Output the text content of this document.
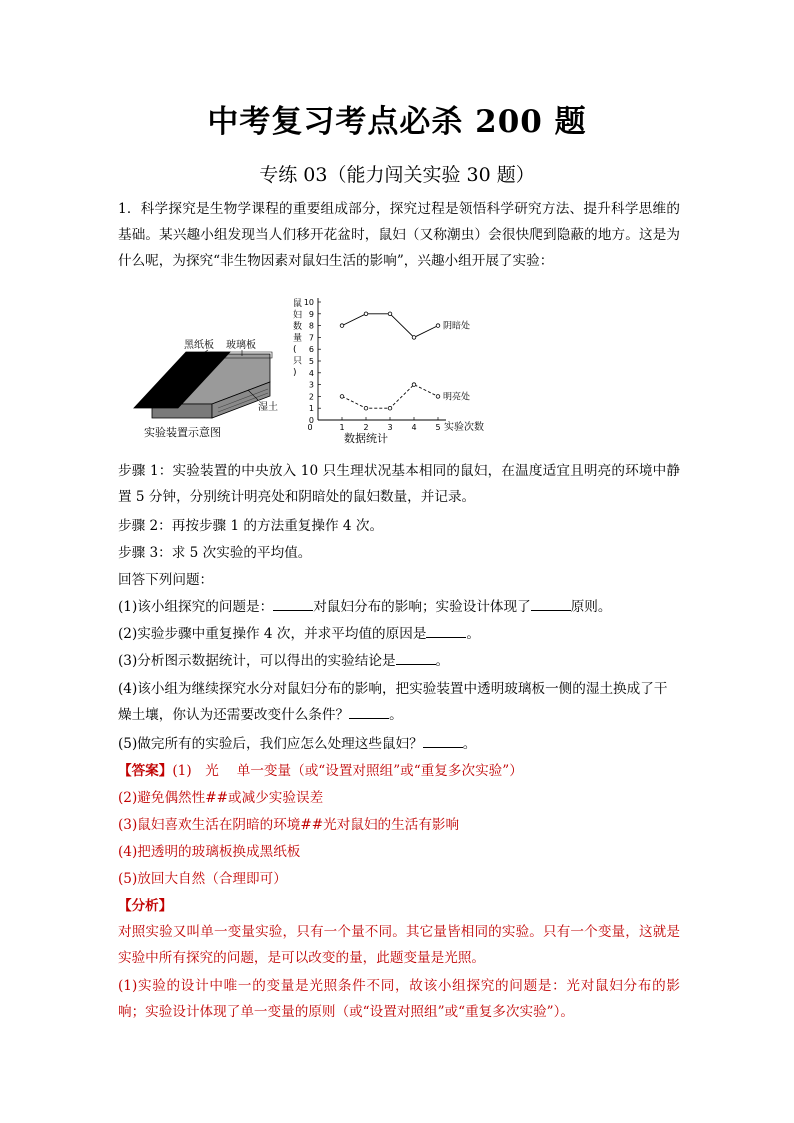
中考复习考点必杀 200 题
专练 03（能力闯关实验 30 题）

1．科学探究是生物学课程的重要组成部分，探究过程是领悟科学研究方法、提升科学思维的基础。某兴趣小组发现当人们移开花盆时，鼠妇（又称潮虫）会很快爬到隐蔽的地方。这是为什么呢，为探究“非生物因素对鼠妇生活的影响”，兴趣小组开展了实验：

黑纸板 玻璃板
湿土
实验装置示意图
鼠
妇
数
量
(
只
)
0
1
2
3
4
5
6
7
8
9
10
0	1 2 3 4 5
阴暗处
明亮处
实验次数
数据统计
步骤 1：实验装置的中央放入 10 只生理状况基本相同的鼠妇，在温度适宜且明亮的环境中静置 5 分钟，分别统计明亮处和阴暗处的鼠妇数量，并记录。
步骤 2：再按步骤 1 的方法重复操作 4 次。
步骤 3：求 5 次实验的平均值。
回答下列问题：
(1)该小组探究的问题是：	对鼠妇分布的影响；实验设计体现了	原则。
(2)实验步骤中重复操作 4 次，并求平均值的原因是	。
(3)分析图示数据统计，可以得出的实验结论是	。
(4)该小组为继续探究水分对鼠妇分布的影响，把实验装置中透明玻璃板一侧的湿土换成了干燥土壤，你认为还需要改变什么条件？	。
(5)做完所有的实验后，我们应怎么处理这些鼠妇？	。
【答案】(1)　光　 单一变量（或“设置对照组”或“重复多次实验”）
(2)避免偶然性##或减少实验误差
(3)鼠妇喜欢生活在阴暗的环境##光对鼠妇的生活有影响
(4)把透明的玻璃板换成黑纸板
(5)放回大自然（合理即可）
【分析】

对照实验又叫单一变量实验，只有一个量不同。其它量皆相同的实验。只有一个变量，这就是实验中所有探究的问题，是可以改变的量，此题变量是光照。

(1)实验的设计中唯一的变量是光照条件不同，故该小组探究的问题是：光对鼠妇分布的影响；实验设计体现了单一变量的原则（或“设置对照组”或“重复多次实验”）。
